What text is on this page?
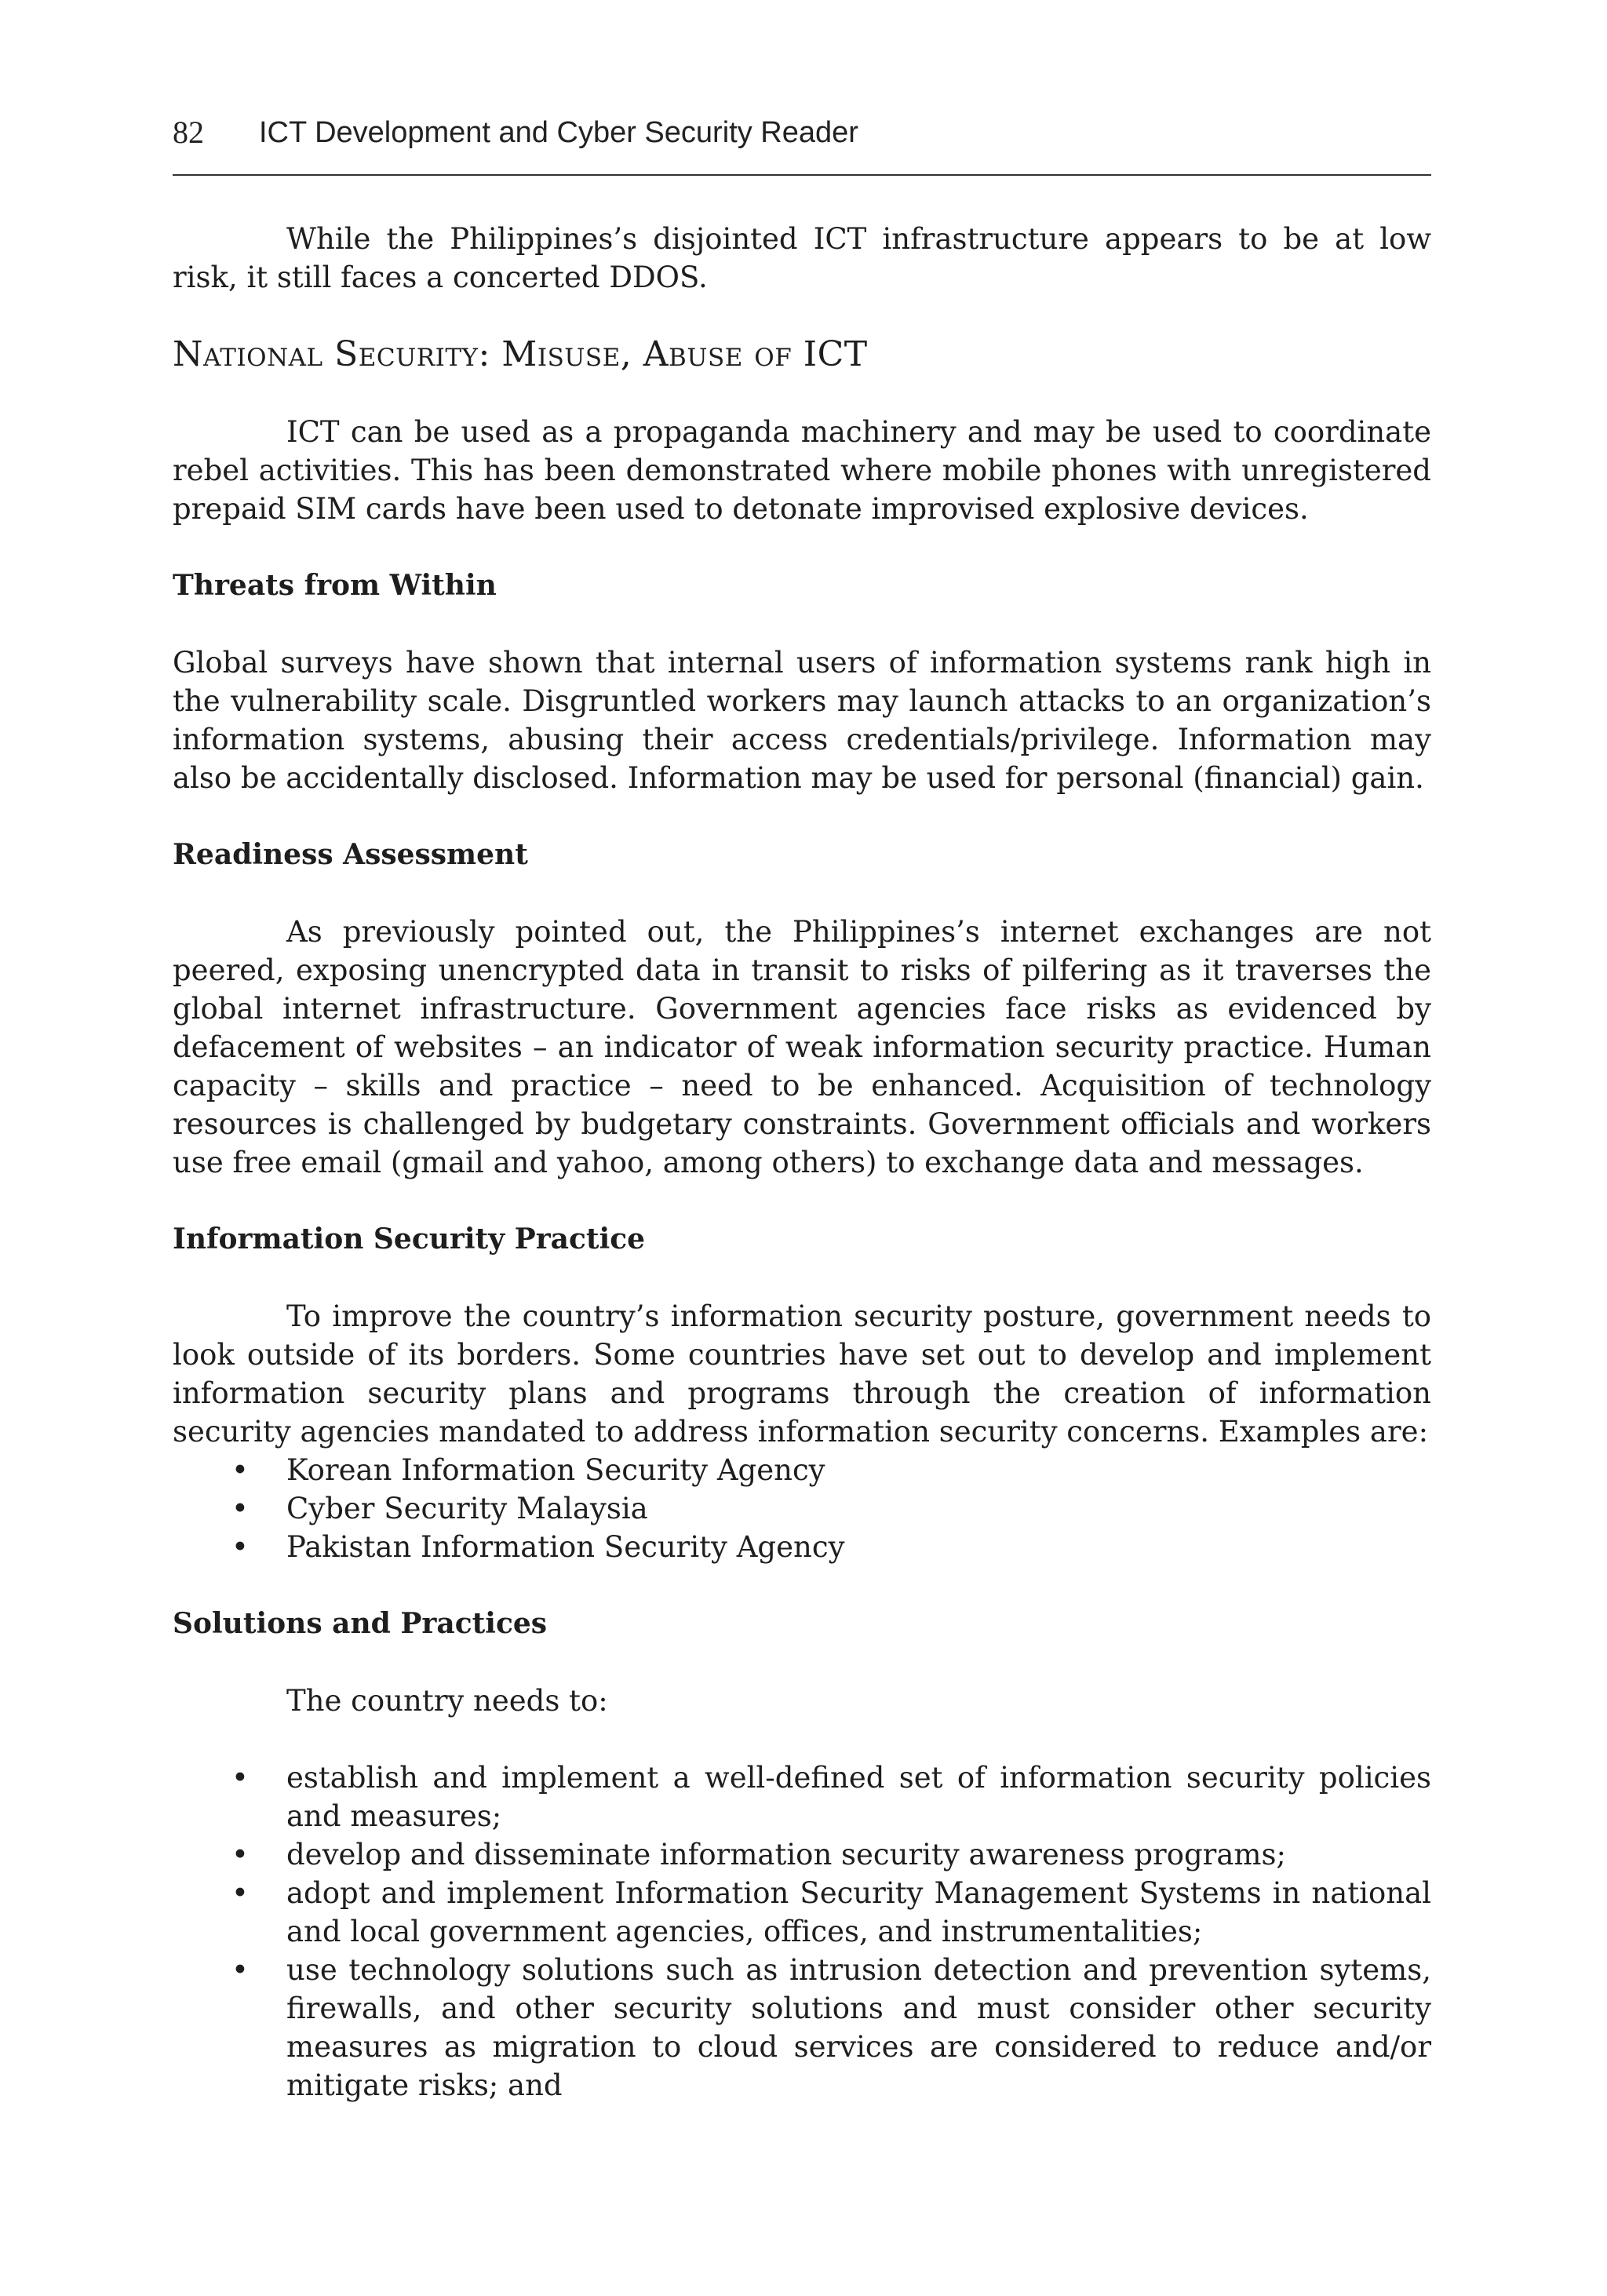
82 ICT Development and Cyber Security Reader

While the Philippines’s disjointed ICT infrastructure appears to be at low risk, it still faces a concerted DDOS.

National Security: Misuse, Abuse of ICT

ICT can be used as a propaganda machinery and may be used to coordinate rebel activities. This has been demonstrated where mobile phones with unregistered prepaid SIM cards have been used to detonate improvised explosive devices.

Threats from Within

Global surveys have shown that internal users of information systems rank high in the vulnerability scale. Disgruntled workers may launch attacks to an organization’s information systems, abusing their access credentials/privilege. Information may also be accidentally disclosed. Information may be used for personal (financial) gain.

Readiness Assessment

As previously pointed out, the Philippines’s internet exchanges are not peered, exposing unencrypted data in transit to risks of pilfering as it traverses the global internet infrastructure. Government agencies face risks as evidenced by defacement of websites – an indicator of weak information security practice. Human capacity – skills and practice – need to be enhanced. Acquisition of technology resources is challenged by budgetary constraints. Government officials and workers use free email (gmail and yahoo, among others) to exchange data and messages.

Information Security Practice

To improve the country’s information security posture, government needs to look outside of its borders. Some countries have set out to develop and implement information security plans and programs through the creation of information security agencies mandated to address information security concerns. Examples are:

• Korean Information Security Agency
• Cyber Security Malaysia
• Pakistan Information Security Agency
Solutions and Practices

The country needs to:

• establish and implement a well-defined set of information security policies and measures;
• develop and disseminate information security awareness programs;
• adopt and implement Information Security Management Systems in national and local government agencies, offices, and instrumentalities;
• use technology solutions such as intrusion detection and prevention sytems, firewalls, and other security solutions and must consider other security measures as migration to cloud services are considered to reduce and/or mitigate risks; and
